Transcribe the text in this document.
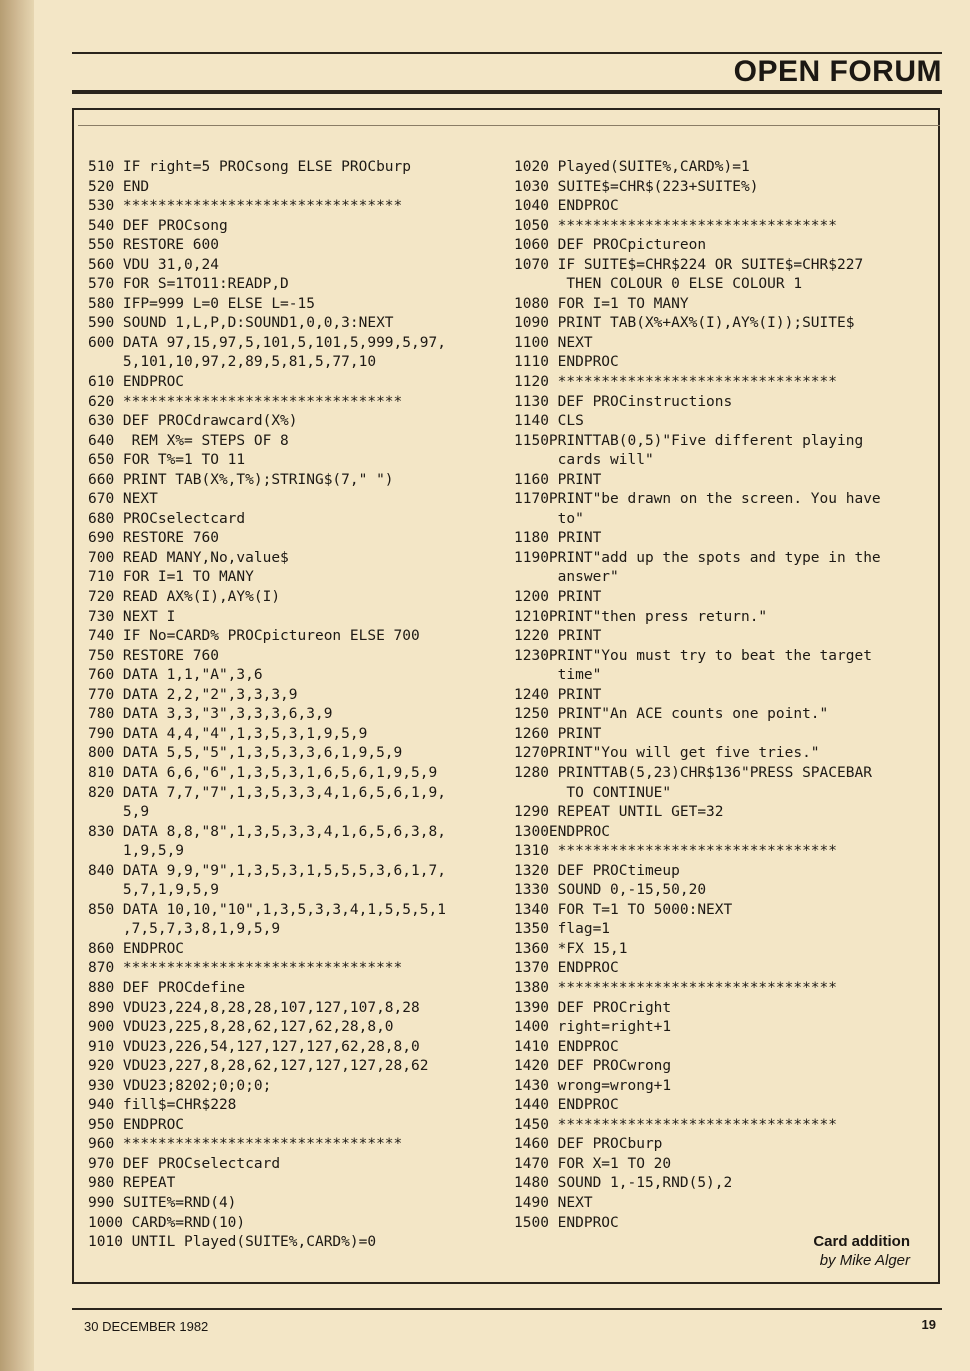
OPEN FORUM
510 IF right=5 PROCsong ELSE PROCburp
520 END
530 ********************************
540 DEF PROCsong
550 RESTORE 600
560 VDU 31,0,24
570 FOR S=1TO11:READP,D
580 IFP=999 L=0 ELSE L=-15
590 SOUND 1,L,P,D:SOUND1,0,0,3:NEXT
600 DATA 97,15,97,5,101,5,101,5,999,5,97,
5,101,10,97,2,89,5,81,5,77,10
610 ENDPROC
620 ********************************
630 DEF PROCdrawcard(X%)
640  REM X%= STEPS OF 8
650 FOR T%=1 TO 11
660 PRINT TAB(X%,T%);STRING$(7," ")
670 NEXT
680 PROCselectcard
690 RESTORE 760
700 READ MANY,No,value$
710 FOR I=1 TO MANY
720 READ AX%(I),AY%(I)
730 NEXT I
740 IF No=CARD% PROCpictureon ELSE 700
750 RESTORE 760
760 DATA 1,1,"A",3,6
770 DATA 2,2,"2",3,3,3,9
780 DATA 3,3,"3",3,3,3,6,3,9
790 DATA 4,4,"4",1,3,5,3,1,9,5,9
800 DATA 5,5,"5",1,3,5,3,3,6,1,9,5,9
810 DATA 6,6,"6",1,3,5,3,1,6,5,6,1,9,5,9
820 DATA 7,7,"7",1,3,5,3,3,4,1,6,5,6,1,9,
5,9
830 DATA 8,8,"8",1,3,5,3,3,4,1,6,5,6,3,8,
1,9,5,9
840 DATA 9,9,"9",1,3,5,3,1,5,5,5,3,6,1,7,
5,7,1,9,5,9
850 DATA 10,10,"10",1,3,5,3,3,4,1,5,5,5,1
,7,5,7,3,8,1,9,5,9
860 ENDPROC
870 ********************************
880 DEF PROCdefine
890 VDU23,224,8,28,28,107,127,107,8,28
900 VDU23,225,8,28,62,127,62,28,8,0
910 VDU23,226,54,127,127,127,62,28,8,0
920 VDU23,227,8,28,62,127,127,127,28,62
930 VDU23;8202;0;0;0;
940 fill$=CHR$228
950 ENDPROC
960 ********************************
970 DEF PROCselectcard
980 REPEAT
990 SUITE%=RND(4)
1000 CARD%=RND(10)
1010 UNTIL Played(SUITE%,CARD%)=0
1020 Played(SUITE%,CARD%)=1
1030 SUITE$=CHR$(223+SUITE%)
1040 ENDPROC
1050 ********************************
1060 DEF PROCpictureon
1070 IF SUITE$=CHR$224 OR SUITE$=CHR$227
THEN COLOUR 0 ELSE COLOUR 1
1080 FOR I=1 TO MANY
1090 PRINT TAB(X%+AX%(I),AY%(I));SUITE$
1100 NEXT
1110 ENDPROC
1120 ********************************
1130 DEF PROCinstructions
1140 CLS
1150PRINTTAB(0,5)"Five different playing
cards will"
1160 PRINT
1170PRINT"be drawn on the screen. You have
to"
1180 PRINT
1190PRINT"add up the spots and type in the
answer"
1200 PRINT
1210PRINT"then press return."
1220 PRINT
1230PRINT"You must try to beat the target
time"
1240 PRINT
1250 PRINT"An ACE counts one point."
1260 PRINT
1270PRINT"You will get five tries."
1280 PRINTTAB(5,23)CHR$136"PRESS SPACEBAR
TO CONTINUE"
1290 REPEAT UNTIL GET=32
1300ENDPROC
1310 ********************************
1320 DEF PROCtimeup
1330 SOUND 0,-15,50,20
1340 FOR T=1 TO 5000:NEXT
1350 flag=1
1360 *FX 15,1
1370 ENDPROC
1380 ********************************
1390 DEF PROCright
1400 right=right+1
1410 ENDPROC
1420 DEF PROCwrong
1430 wrong=wrong+1
1440 ENDPROC
1450 ********************************
1460 DEF PROCburp
1470 FOR X=1 TO 20
1480 SOUND 1,-15,RND(5),2
1490 NEXT
1500 ENDPROC
Card addition
by Mike Alger
30 DECEMBER 1982	19
